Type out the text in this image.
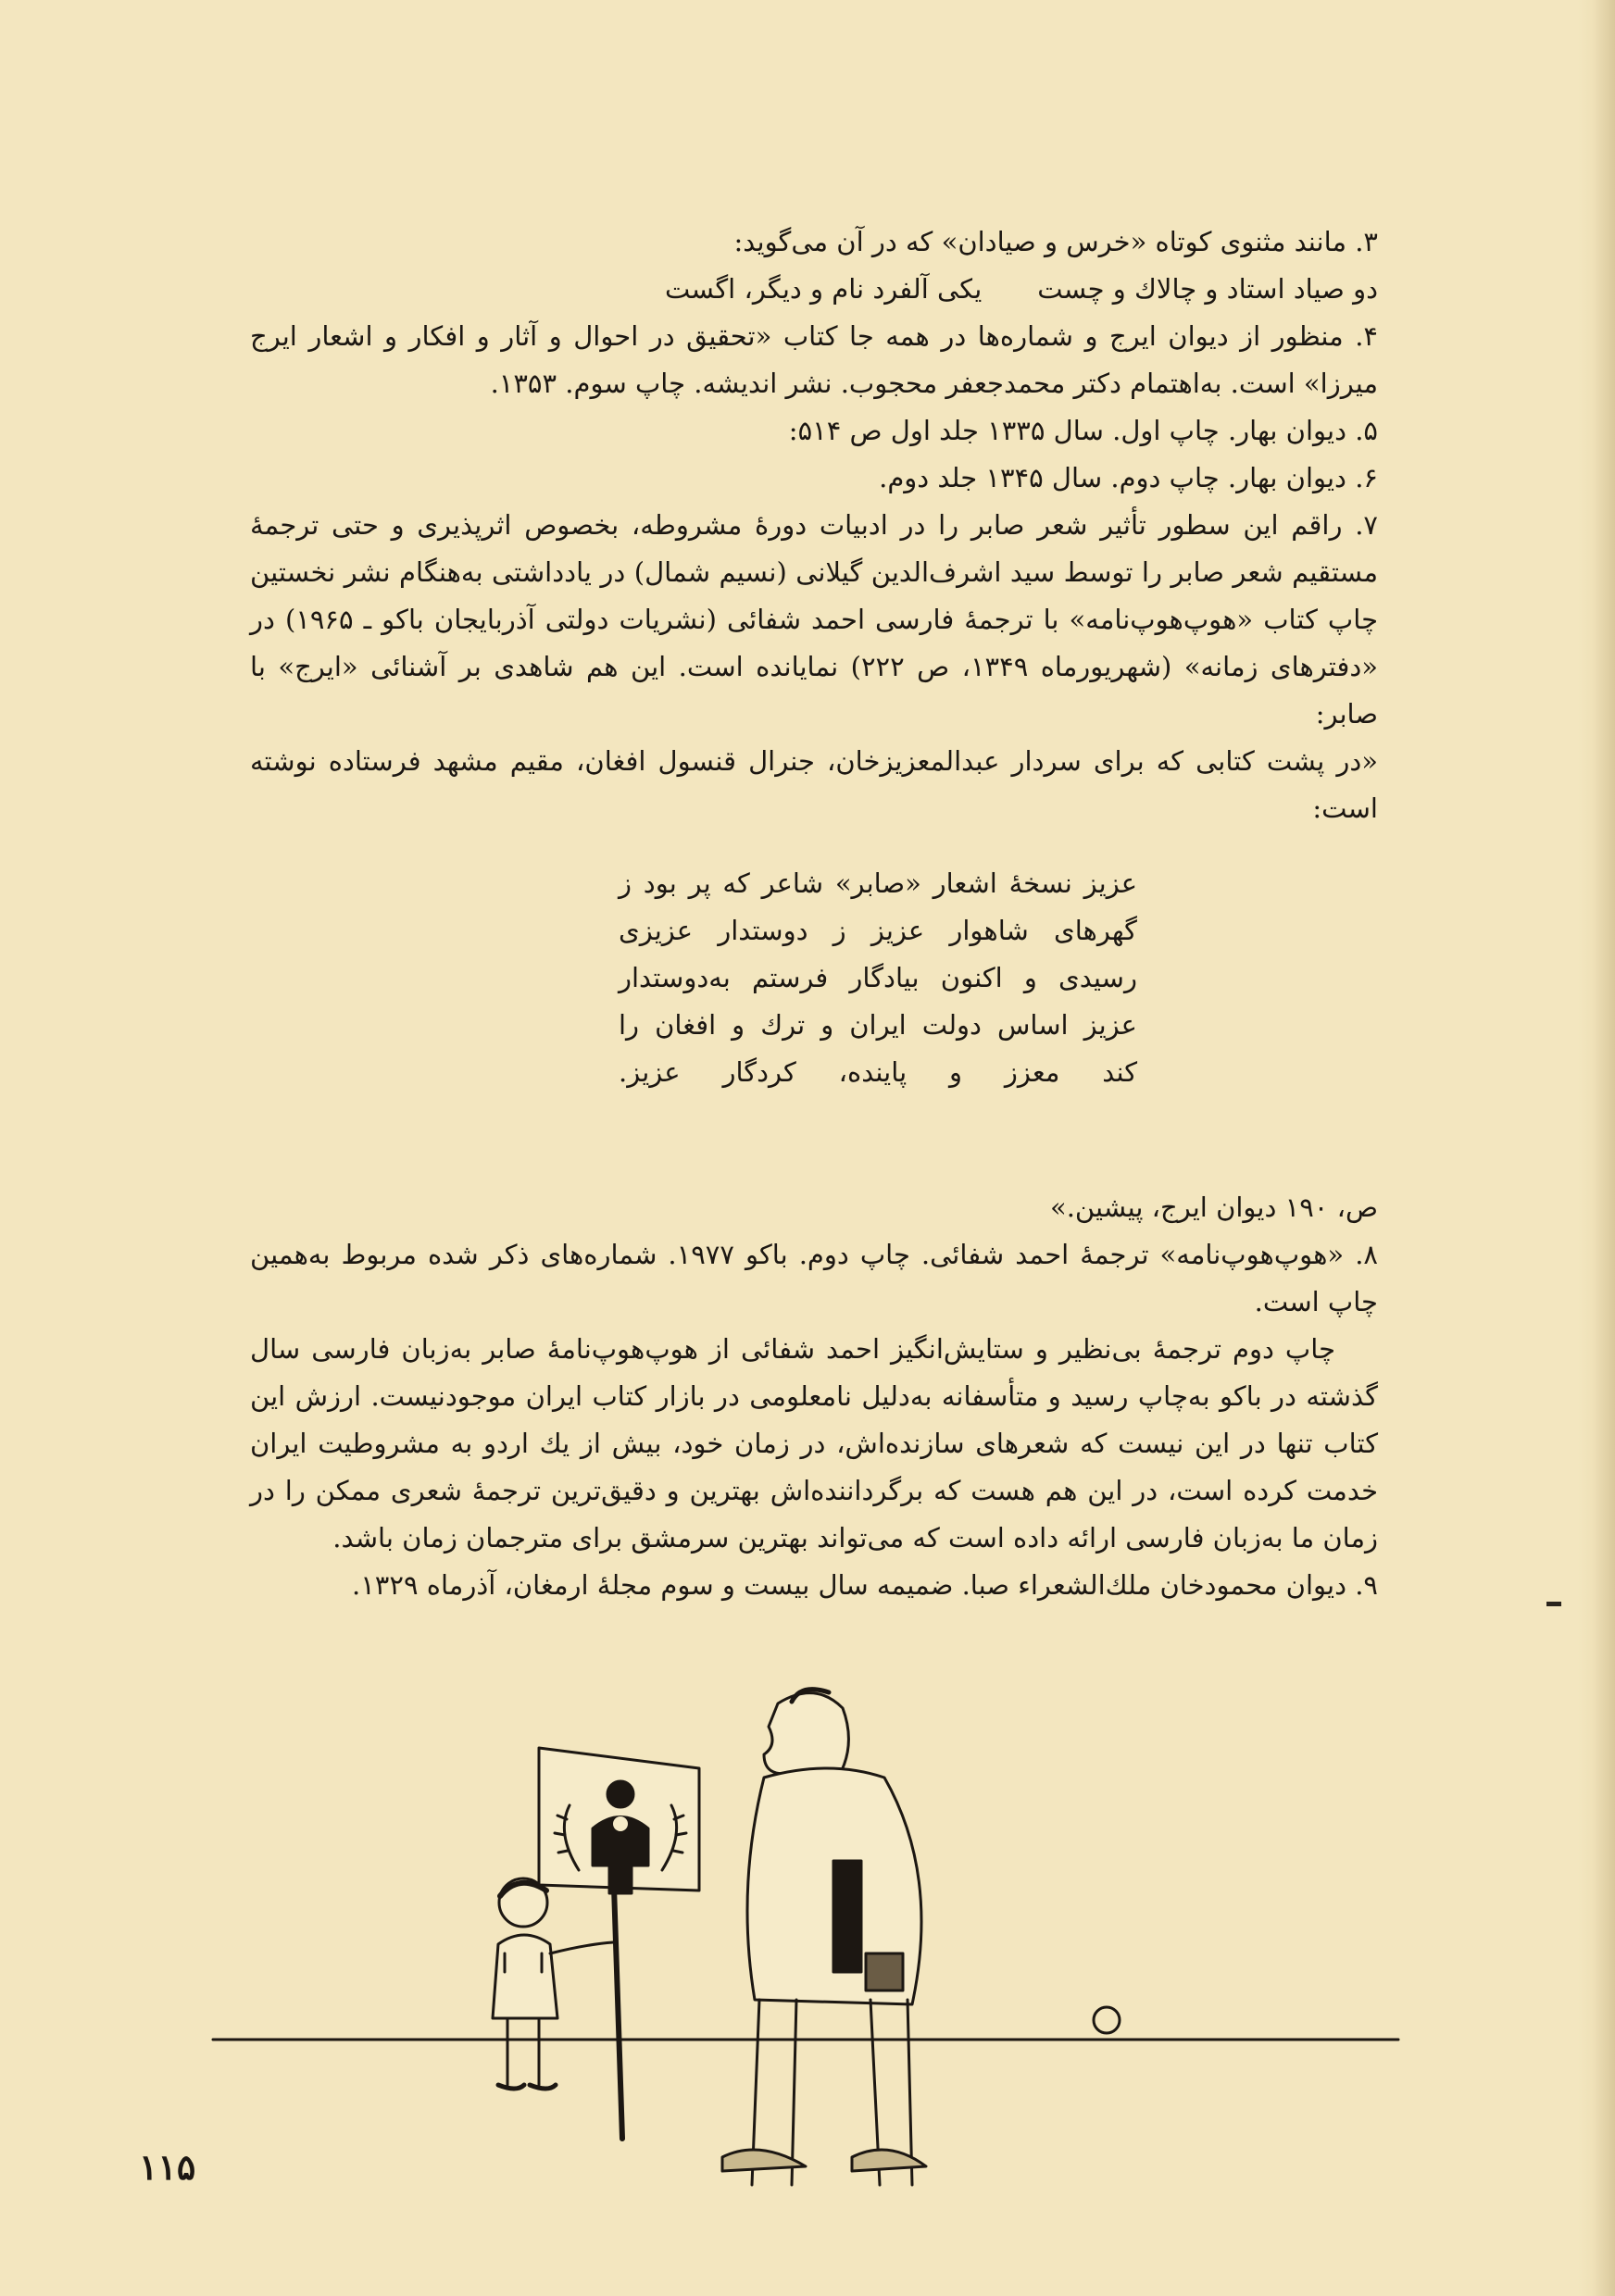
۳. مانند مثنوی کوتاه «خرس و صیادان» که در آن می‌گوید:

دو صیاد استاد و چالاك و چست
یکی آلفرد نام و دیگر، اگست

۴. منظور از دیوان ایرج و شماره‌ها در همه جا کتاب «تحقیق در احوال و آثار و افکار و اشعار ایرج میرزا» است. به‌اهتمام دکتر محمدجعفر محجوب. نشر اندیشه. چاپ سوم. ۱۳۵۳.

۵. دیوان بهار. چاپ اول. سال ۱۳۳۵ جلد اول ص ۵۱۴:

۶. دیوان بهار. چاپ دوم. سال ۱۳۴۵ جلد دوم.

۷. راقم این سطور تأثیر شعر صابر را در ادبیات دورهٔ مشروطه، بخصوص اثرپذیری و حتی ترجمهٔ مستقیم شعر صابر را توسط سید اشرف‌الدین گیلانی (نسیم شمال) در یادداشتی به‌هنگام نشر نخستین چاپ کتاب «هوپ‌هوپ‌نامه» با ترجمهٔ فارسی احمد شفائی (نشریات دولتی آذربایجان باکو ـ ۱۹۶۵) در «دفترهای زمانه» (شهریورماه ۱۳۴۹، ص ۲۲۲) نمایانده است. این هم شاهدی بر آشنائی «ایرج» با صابر:

«در پشت کتابی که برای سردار عبدالمعزیزخان، جنرال قنسول افغان، مقیم مشهد فرستاده نوشته است:

عزیز نسخهٔ اشعار «صابر» شاعر که پر بود ز
گهرهای شاهوار عزیز ز دوستدار عزیزی
رسیدی و اکنون بیادگار فرستم به‌دوستدار
عزیز اساس دولت ایران و ترك و افغان را
کند معزز و پاینده، کردگار عزیز.

ص، ۱۹۰ دیوان ایرج، پیشین.»

۸. «هوپ‌هوپ‌نامه» ترجمهٔ احمد شفائی. چاپ دوم. باکو ۱۹۷۷. شماره‌های ذکر شده مربوط به‌همین چاپ است.

چاپ دوم ترجمهٔ بی‌نظیر و ستایش‌انگیز احمد شفائی از هوپ‌هوپ‌نامهٔ صابر به‌زبان فارسی سال گذشته در باکو به‌چاپ رسید و متأسفانه به‌دلیل نامعلومی در بازار کتاب ایران موجودنیست. ارزش این کتاب تنها در این نیست که شعرهای سازنده‌اش، در زمان خود، بیش از یك اردو به مشروطیت ایران خدمت کرده است، در این هم هست که برگردانند‌ه‌اش بهترین و دقیق‌ترین ترجمهٔ شعری ممکن را در زمان ما به‌زبان فارسی ارائه داده است که می‌تواند بهترین سرمشق برای مترجمان زمان باشد.

۹. دیوان محمودخان ملك‌الشعراء صبا. ضمیمه سال بیست و سوم مجلهٔ ارمغان، آذرماه ۱۳۲۹.

۱۱۵
